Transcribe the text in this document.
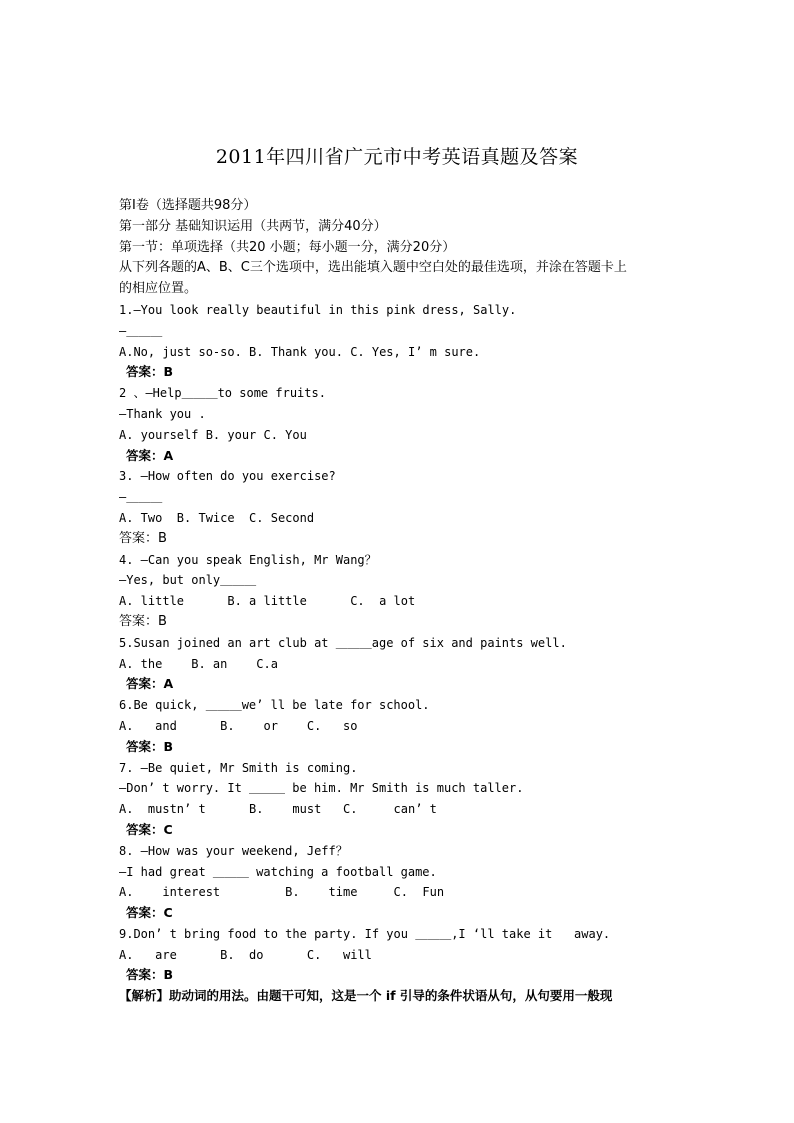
2011年四川省广元市中考英语真题及答案
第Ⅰ卷（选择题共98分）
第一部分 基础知识运用（共两节，满分40分）
第一节：单项选择（共20 小题；每小题一分，满分20分）
从下列各题的A、B、C三个选项中，选出能填入题中空白处的最佳选项，并涂在答题卡上
的相应位置。
1.—You look really beautiful in this pink dress, Sally.
—＿＿＿
A.No, just so-so. B. Thank you. C. Yes, I’ m sure.
答案：B
2 、—Help＿＿＿to some fruits.
—Thank you .
A. yourself B. your C. You
答案：A
3. —How often do you exercise?
—＿＿＿
A. Two  B. Twice  C. Second
答案：B
4. —Can you speak English, Mr Wang？
—Yes, but only＿＿＿
A. little      B. a little      C.  a lot
答案：B
5.Susan joined an art club at ＿＿＿age of six and paints well.
A. the    B. an    C.a
答案：A
6.Be quick, ＿＿＿we’ ll be late for school.
A.   and      B.    or    C.   so
答案：B
7. —Be quiet, Mr Smith is coming.
—Don’ t worry. It ＿＿＿ be him. Mr Smith is much taller.
A.  mustn’ t      B.    must   C.     can’ t
答案：C
8. —How was your weekend, Jeff？
—I had great ＿＿＿ watching a football game.
A.    interest         B.    time     C.  Fun
答案：C
9.Don’ t bring food to the party. If you ＿＿＿,I ‘ll take it   away.
A.   are      B.  do      C.   will
答案：B
【解析】助动词的用法。由题干可知，这是一个 if 引导的条件状语从句，从句要用一般现
